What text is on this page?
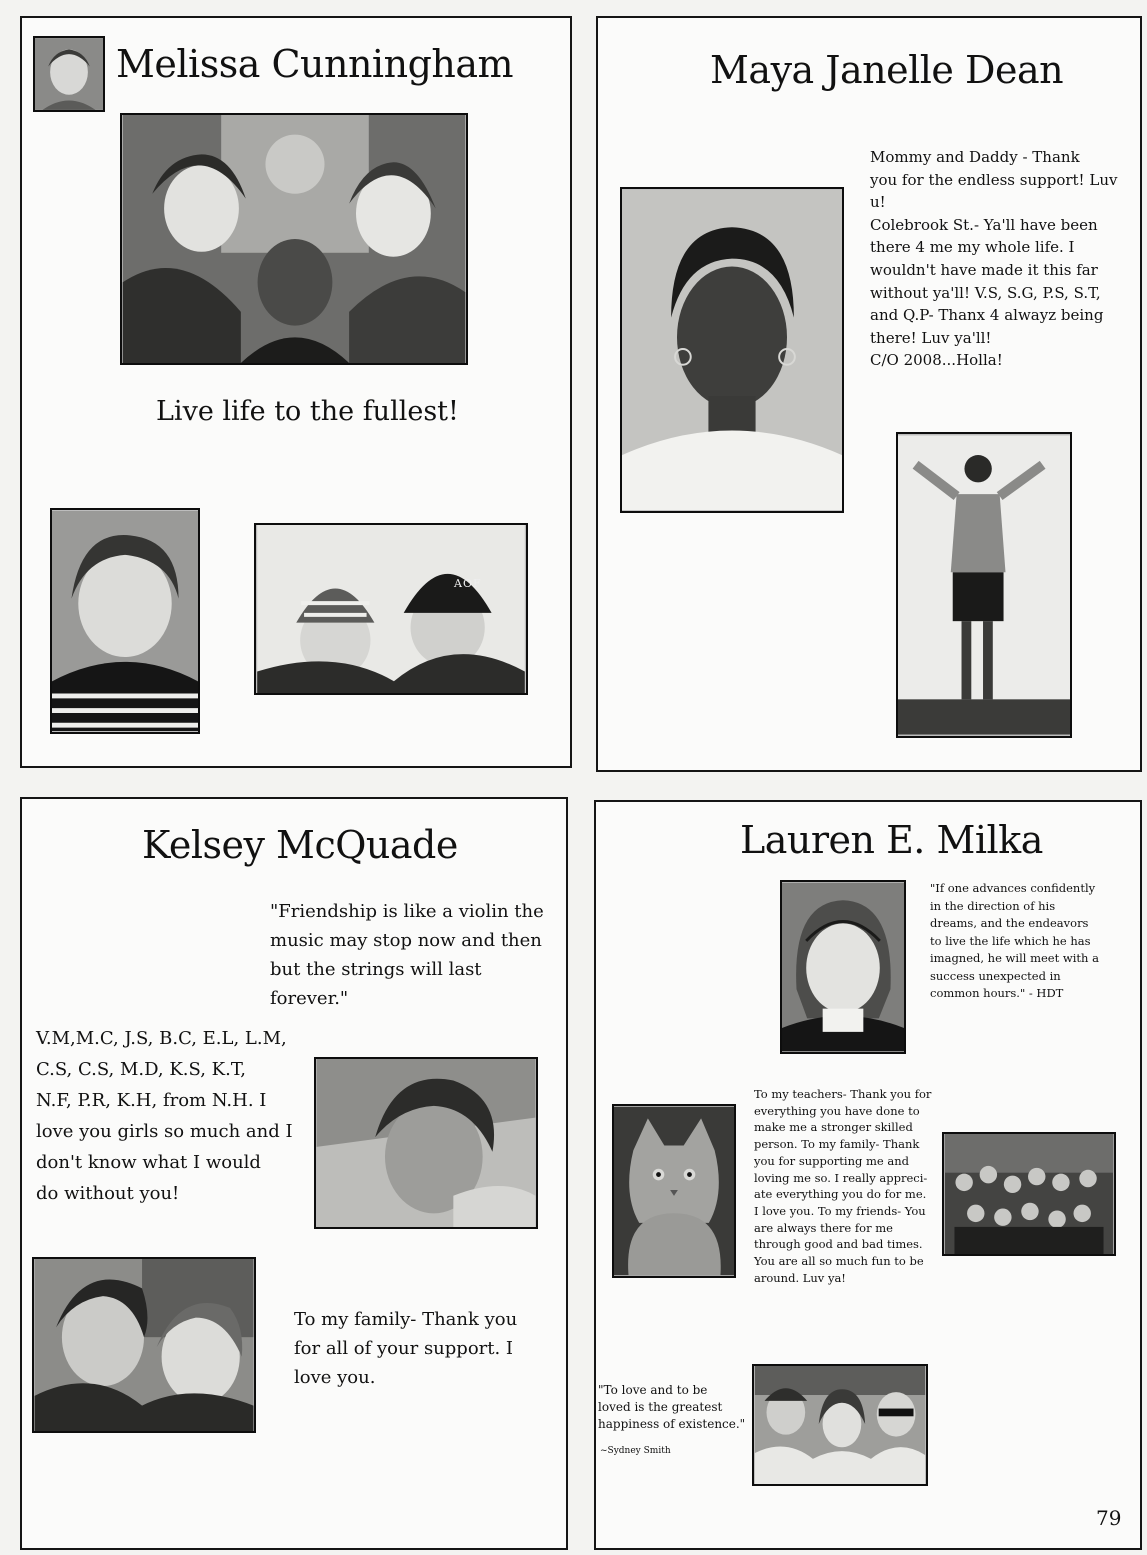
Melissa Cunningham
Live life to the fullest!
AOF
Maya Janelle Dean
Mommy and Daddy - Thank
you for the endless support! Luv
u!
Colebrook St.- Ya'll have been
there 4 me my whole life. I
wouldn't have made it this far
without ya'll! V.S, S.G, P.S, S.T,
and Q.P- Thanx 4 alwayz being
there! Luv ya'll!
C/O 2008...Holla!
Kelsey McQuade
"Friendship is like a violin the
music may stop now and then
but the strings will last forever."
V.M,M.C, J.S, B.C, E.L, L.M,
C.S, C.S, M.D, K.S, K.T,
N.F, P.R, K.H, from N.H. I
love you girls so much and I
don't know what I would
do without you!
To my family- Thank you
for all of your support. I
love you.
Lauren E. Milka
"If one advances confidently
in the direction of his
dreams, and the endeavors
to live the life which he has
imagned, he will meet with a
success unexpected in
common hours." - HDT
To my teachers- Thank you for
everything you have done to
make me a stronger skilled
person. To my family- Thank
you for supporting me and
loving me so. I really appreci-
ate everything you do for me.
I love you. To my friends- You
are always there for me
through good and bad times.
You are all so much fun to be
around. Luv ya!
"To love and to be
loved is the greatest
happiness of existence."
~Sydney Smith
79
